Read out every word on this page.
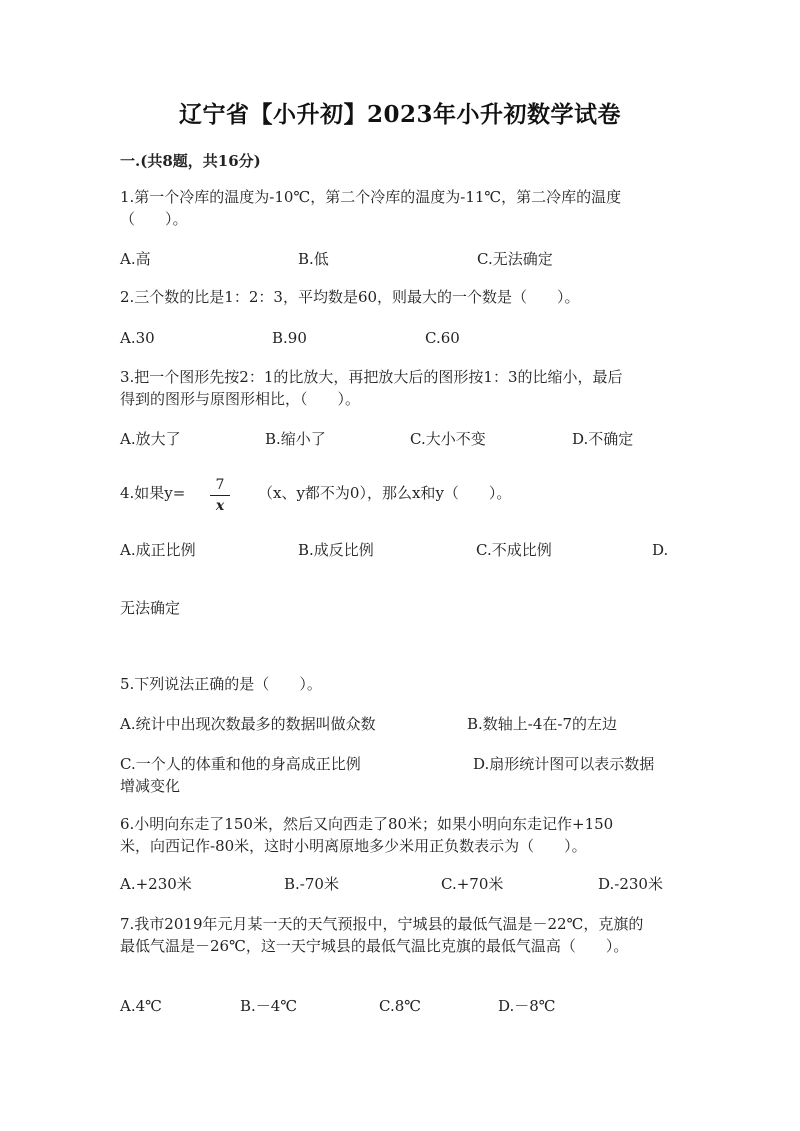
辽宁省【小升初】2023年小升初数学试卷
一.(共8题，共16分)
1.第一个冷库的温度为-10℃，第二个冷库的温度为-11℃，第二冷库的温度
（　　）。
A.高	B.低	C.无法确定
2.三个数的比是1：2：3，平均数是60，则最大的一个数是（　　）。
A.30	B.90	C.60
3.把一个图形先按2：1的比放大，再把放大后的图形按1：3的比缩小，最后
得到的图形与原图形相比，（　　）。
A.放大了	B.缩小了	C.大小不变	D.不确定
4.如果y=	7
x
（x、y都不为0），那么x和y（　　）。
A.成正比例	B.成反比例	C.不成比例	D.
无法确定
5.下列说法正确的是（　　）。
A.统计中出现次数最多的数据叫做众数	B.数轴上-4在-7的左边
C.一个人的体重和他的身高成正比例	D.扇形统计图可以表示数据
增减变化
6.小明向东走了150米，然后又向西走了80米；如果小明向东走记作+150
米，向西记作-80米，这时小明离原地多少米用正负数表示为（　　）。
A.+230米	B.-70米	C.+70米	D.-230米
7.我市2019年元月某一天的天气预报中，宁城县的最低气温是－22℃，克旗的
最低气温是－26℃，这一天宁城县的最低气温比克旗的最低气温高（　　）。
A.4℃	B.－4℃	C.8℃	D.－8℃
